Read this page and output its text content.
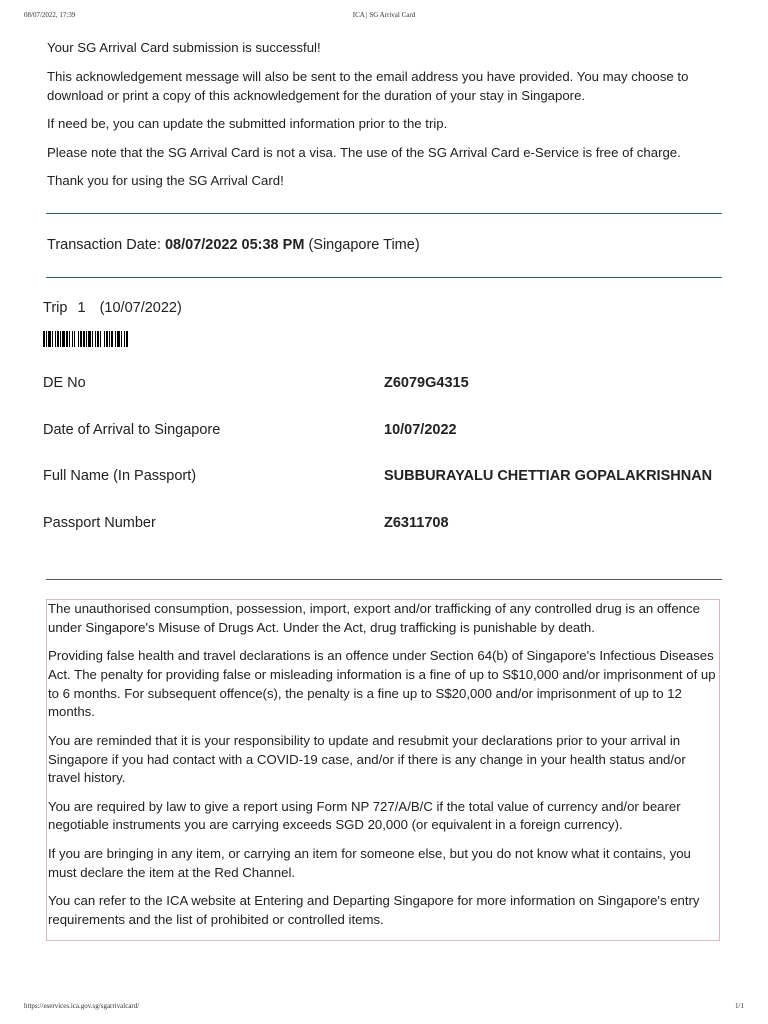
08/07/2022, 17:39	ICA | SG Arrival Card

Your SG Arrival Card submission is successful!

This acknowledgement message will also be sent to the email address you have provided. You may choose to download or print a copy of this acknowledgement for the duration of your stay in Singapore.

If need be, you can update the submitted information prior to the trip.

Please note that the SG Arrival Card is not a visa. The use of the SG Arrival Card e-Service is free of charge.

Thank you for using the SG Arrival Card!

Transaction Date: 08/07/2022 05:38 PM (Singapore Time)
Trip 1 (10/07/2022)
DE No	Z6079G4315
Date of Arrival to Singapore	10/07/2022
Full Name (In Passport)	SUBBURAYALU CHETTIAR GOPALAKRISHNAN
Passport Number	Z6311708

The unauthorised consumption, possession, import, export and/or trafficking of any controlled drug is an offence under Singapore's Misuse of Drugs Act. Under the Act, drug trafficking is punishable by death.

Providing false health and travel declarations is an offence under Section 64(b) of Singapore's Infectious Diseases Act. The penalty for providing false or misleading information is a fine of up to S$10,000 and/or imprisonment of up to 6 months. For subsequent offence(s), the penalty is a fine up to S$20,000 and/or imprisonment of up to 12 months.

You are reminded that it is your responsibility to update and resubmit your declarations prior to your arrival in Singapore if you had contact with a COVID-19 case, and/or if there is any change in your health status and/or travel history.

You are required by law to give a report using Form NP 727/A/B/C if the total value of currency and/or bearer negotiable instruments you are carrying exceeds SGD 20,000 (or equivalent in a foreign currency).

If you are bringing in any item, or carrying an item for someone else, but you do not know what it contains, you must declare the item at the Red Channel.

You can refer to the ICA website at Entering and Departing Singapore for more information on Singapore's entry requirements and the list of prohibited or controlled items.

https://eservices.ica.gov.sg/sgarrivalcard/	1/1
